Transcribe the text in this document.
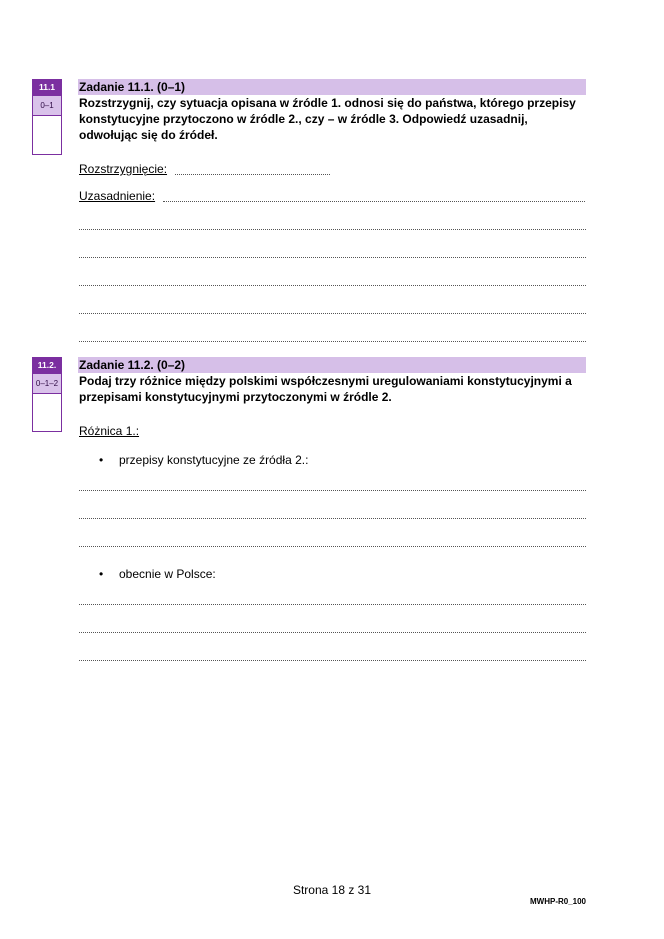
11.1
0–1
Zadanie 11.1. (0–1)
Rozstrzygnij, czy sytuacja opisana w źródle 1. odnosi się do państwa, którego przepisy konstytucyjne przytoczono w źródle 2., czy – w źródle 3. Odpowiedź uzasadnij, odwołując się do źródeł.
Rozstrzygnięcie:
Uzasadnienie:
11.2.
0–1–2
Zadanie 11.2. (0–2)
Podaj trzy różnice między polskimi współczesnymi uregulowaniami konstytucyjnymi a przepisami konstytucyjnymi przytoczonymi w źródle 2.
Różnica 1.:
• przepisy konstytucyjne ze źródła 2.:
• obecnie w Polsce:
Strona 18 z 31
MWHP-R0_100
